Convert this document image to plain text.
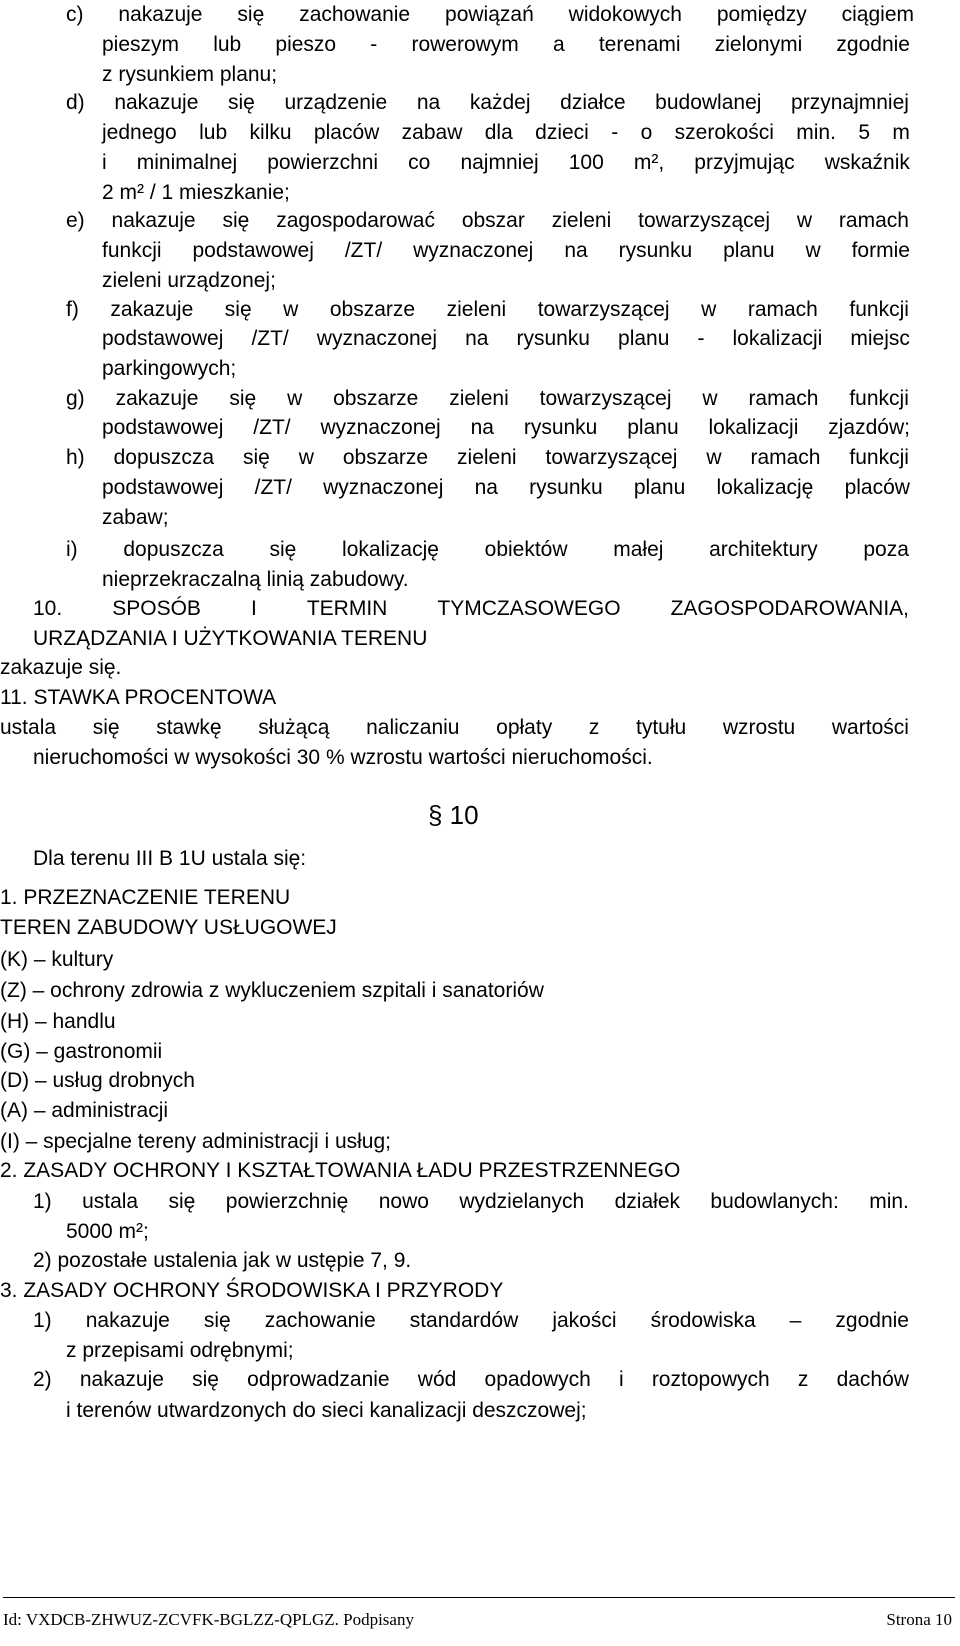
c) nakazuje się zachowanie powiązań widokowych pomiędzy ciągiem
pieszym lub pieszo - rowerowym a terenami zielonymi zgodnie
z rysunkiem planu;
d) nakazuje się urządzenie na każdej działce budowlanej przynajmniej
jednego lub kilku placów zabaw dla dzieci - o szerokości min. 5 m
i minimalnej powierzchni co najmniej 100 m², przyjmując wskaźnik
2 m² / 1 mieszkanie;
e) nakazuje się zagospodarować obszar zieleni towarzyszącej w ramach
funkcji podstawowej /ZT/ wyznaczonej na rysunku planu w formie
zieleni urządzonej;
f) zakazuje się w obszarze zieleni towarzyszącej w ramach funkcji
podstawowej /ZT/ wyznaczonej na rysunku planu - lokalizacji miejsc
parkingowych;
g) zakazuje się w obszarze zieleni towarzyszącej w ramach funkcji
podstawowej /ZT/ wyznaczonej na rysunku planu lokalizacji zjazdów;
h) dopuszcza się w obszarze zieleni towarzyszącej w ramach funkcji
podstawowej /ZT/ wyznaczonej na rysunku planu lokalizację placów
zabaw;
i) dopuszcza się lokalizację obiektów małej architektury poza
nieprzekraczalną linią zabudowy.
10. SPOSÓB I TERMIN TYMCZASOWEGO ZAGOSPODAROWANIA,
URZĄDZANIA I UŻYTKOWANIA TERENU
zakazuje się.
11. STAWKA PROCENTOWA
ustala się stawkę służącą naliczaniu opłaty z tytułu wzrostu wartości
nieruchomości w wysokości 30 % wzrostu wartości nieruchomości.
Dla terenu III B 1U ustala się:
1. PRZEZNACZENIE TERENU
TEREN ZABUDOWY USŁUGOWEJ
(K) – kultury
(Z) – ochrony zdrowia z wykluczeniem szpitali i sanatoriów
(H) – handlu
(G) – gastronomii
(D) – usług drobnych
(A) – administracji
(I) – specjalne tereny administracji i usług;
2. ZASADY OCHRONY I KSZTAŁTOWANIA ŁADU PRZESTRZENNEGO
1) ustala się powierzchnię nowo wydzielanych działek budowlanych: min.
5000 m²;
2) pozostałe ustalenia jak w ustępie 7, 9.
3. ZASADY OCHRONY ŚRODOWISKA I PRZYRODY
1) nakazuje się zachowanie standardów jakości środowiska – zgodnie
z przepisami odrębnymi;
2) nakazuje się odprowadzanie wód opadowych i roztopowych z dachów
i terenów utwardzonych do sieci kanalizacji deszczowej;
§ 10
Id: VXDCB-ZHWUZ-ZCVFK-BGLZZ-QPLGZ. Podpisany	Strona 10
